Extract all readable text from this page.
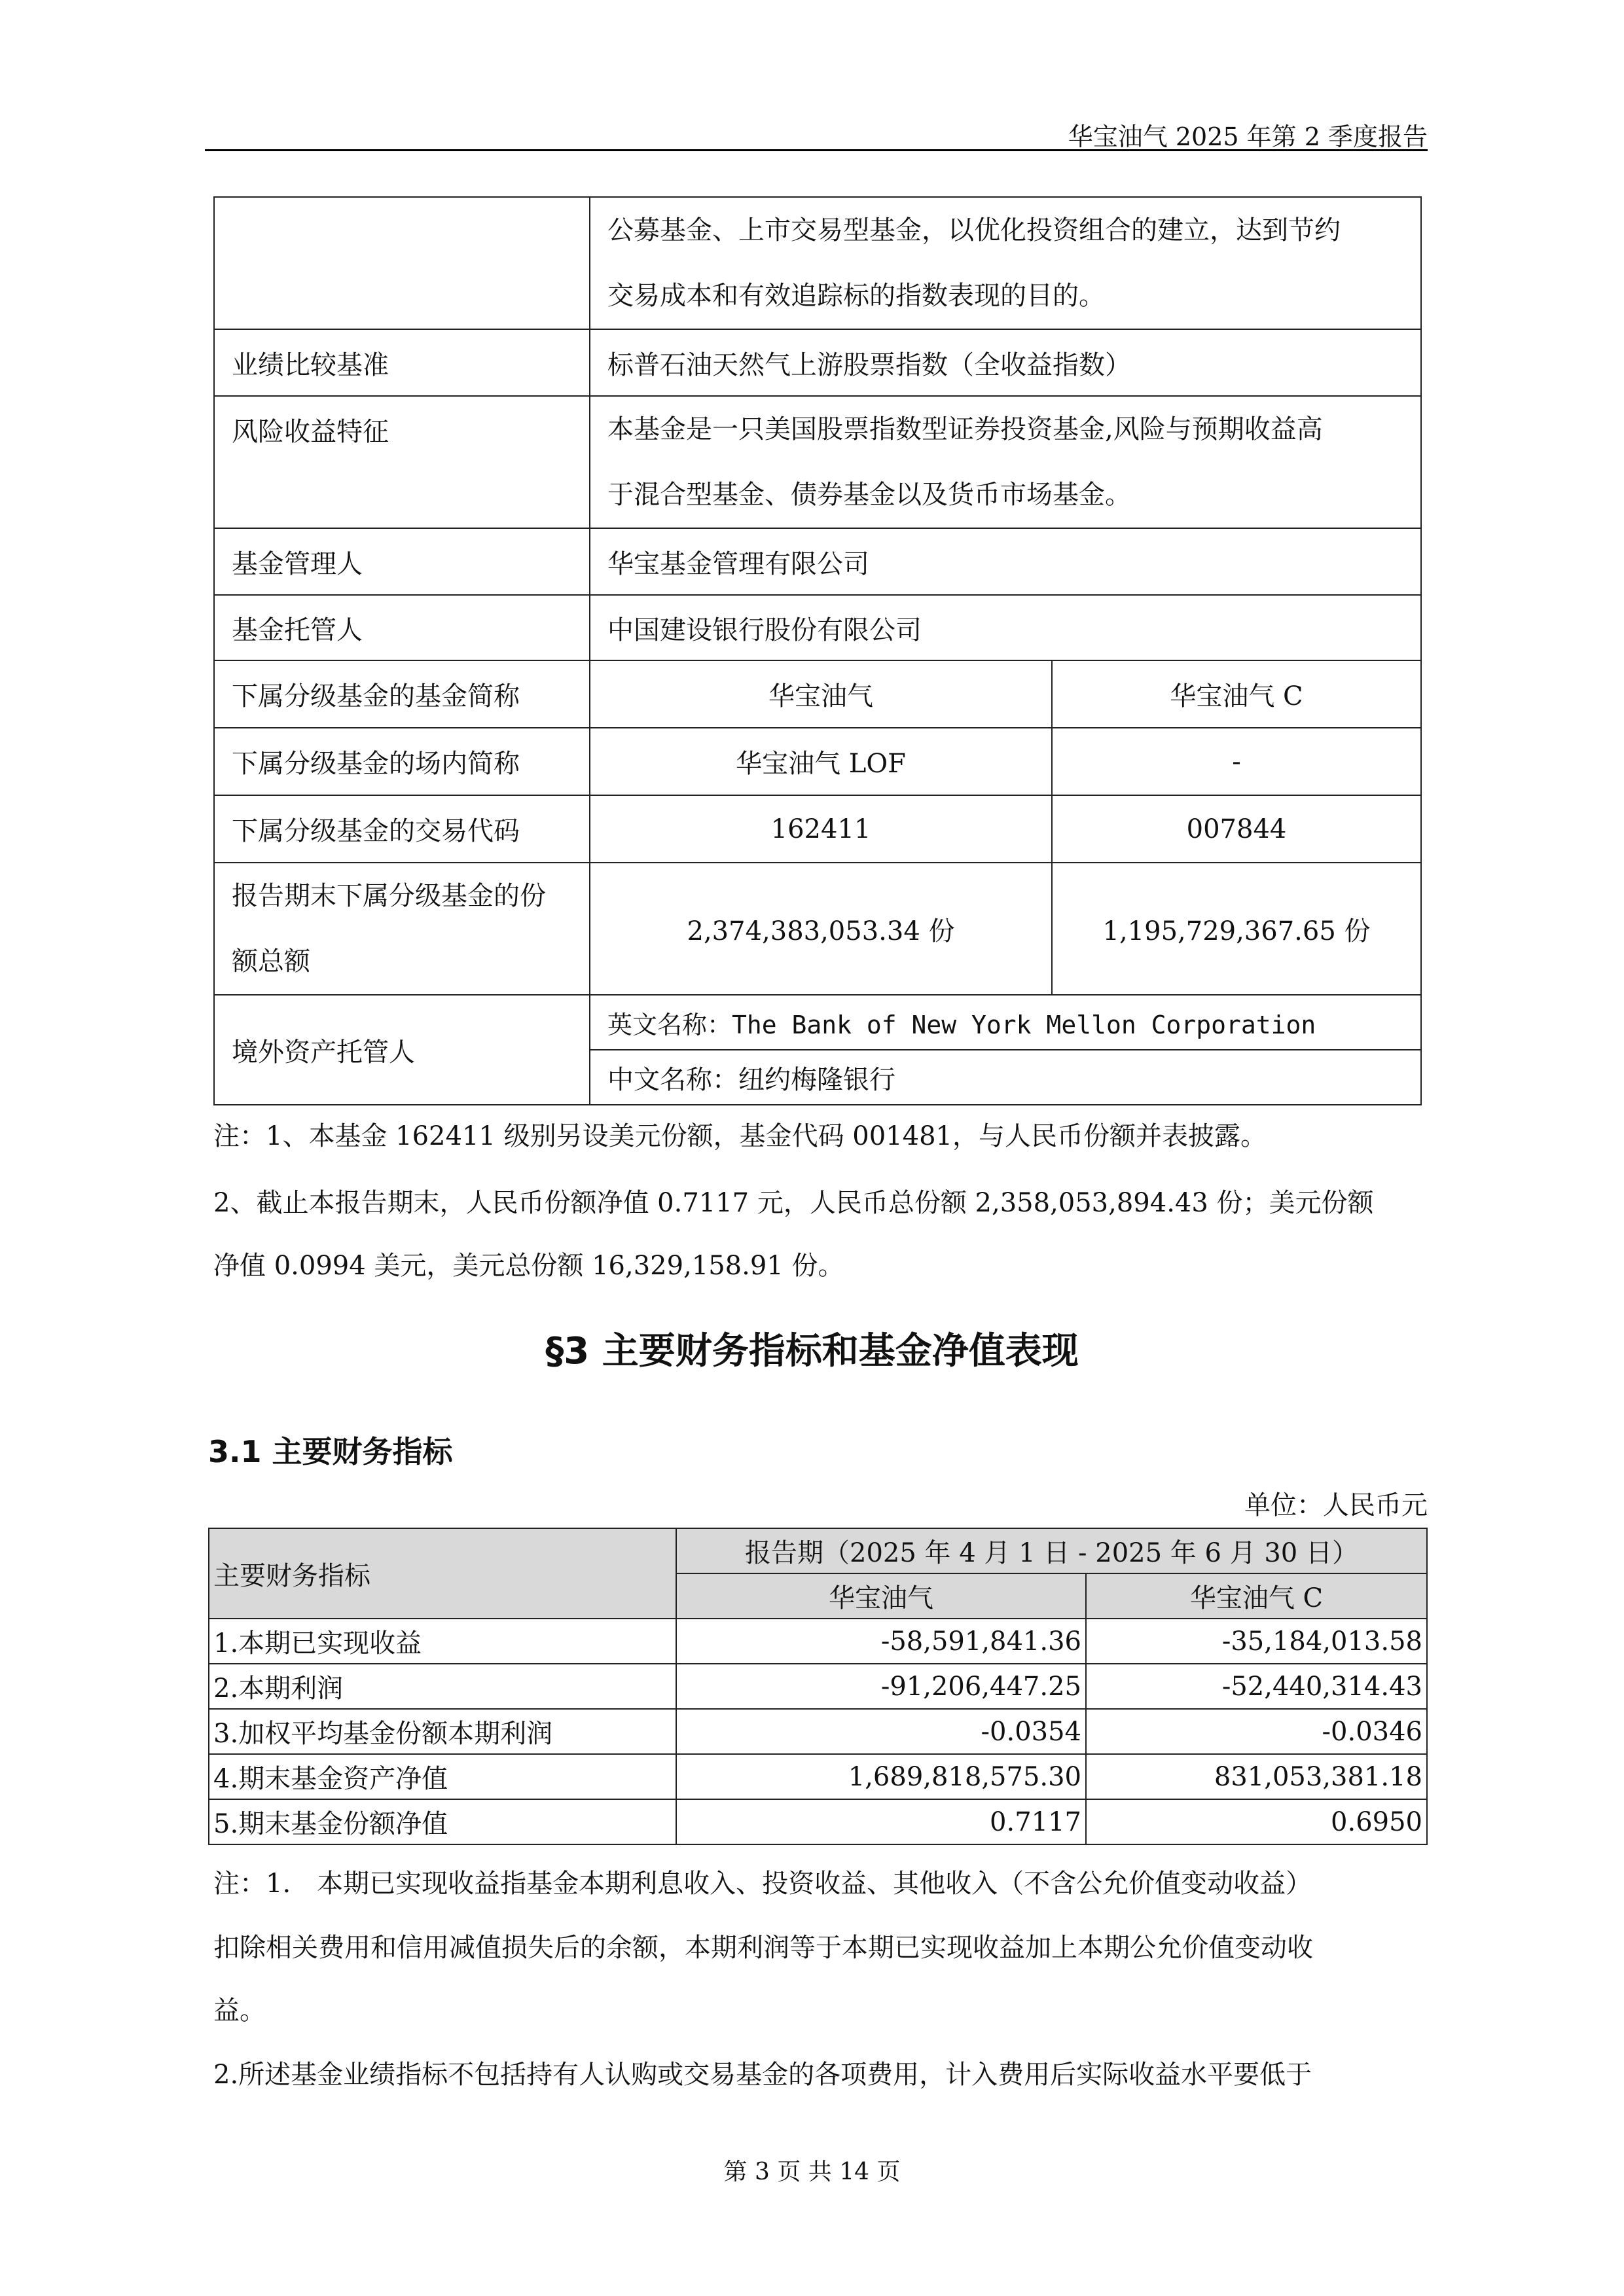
华宝油气 2025 年第 2 季度报告

	公募基金、上市交易型基金，以优化投资组合的建立，达到节约
交易成本和有效追踪标的指数表现的目的。	

业绩比较基准	标普石油天然气上游股票指数（全收益指数）	
风险收益特征	本基金是一只美国股票指数型证券投资基金,风险与预期收益高
于混合型基金、债券基金以及货币市场基金。	

基金管理人	华宝基金管理有限公司	
基金托管人	中国建设银行股份有限公司	
下属分级基金的基金简称	华宝油气	华宝油气 C
下属分级基金的场内简称	华宝油气 LOF	-
下属分级基金的交易代码	162411	007844

报告期末下属分级基金的份
额总额	2,374,383,053.34 份	1,195,729,367.65 份
境外资产托管人	英文名称：The Bank of New York Mellon Corporation	
	中文名称：纽约梅隆银行	
注：1、本基金 162411 级别另设美元份额，基金代码 001481，与人民币份额并表披露。
2、截止本报告期末，人民币份额净值 0.7117 元，人民币总份额 2,358,053,894.43 份；美元份额
净值 0.0994 美元，美元总份额 16,329,158.91 份。
§3 主要财务指标和基金净值表现
3.1 主要财务指标
单位：人民币元
主要财务指标	报告期（2025 年 4 月 1 日 - 2025 年 6 月 30 日）	
	华宝油气	华宝油气 C
1.本期已实现收益	-58,591,841.36	-35,184,013.58
2.本期利润	-91,206,447.25	-52,440,314.43
3.加权平均基金份额本期利润	-0.0354	-0.0346
4.期末基金资产净值	1,689,818,575.30	831,053,381.18
5.期末基金份额净值	0.7117	0.6950
注：1.　本期已实现收益指基金本期利息收入、投资收益、其他收入（不含公允价值变动收益）
扣除相关费用和信用减值损失后的余额，本期利润等于本期已实现收益加上本期公允价值变动收
益。
2.所述基金业绩指标不包括持有人认购或交易基金的各项费用，计入费用后实际收益水平要低于
第 3 页 共 14 页
